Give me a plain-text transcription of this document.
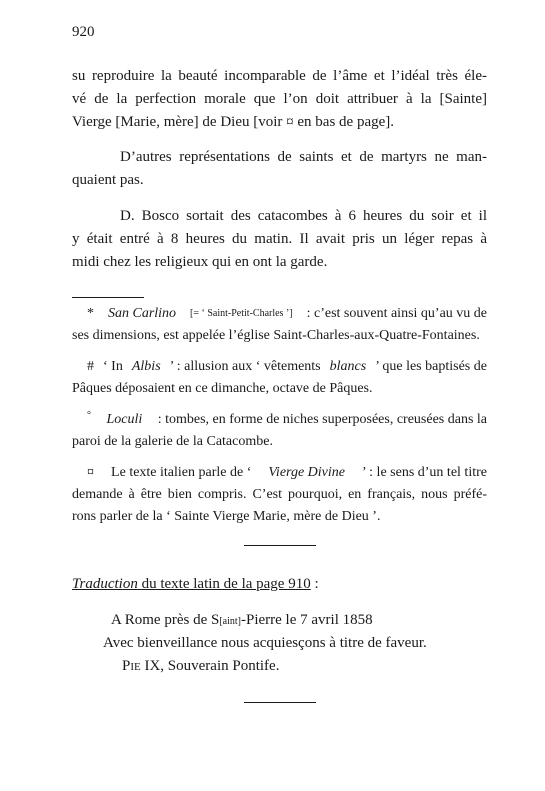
920
su reproduire la beauté incomparable de l’âme et l’idéal très éle-
vé de la perfection morale que l’on doit attribuer à la [Sainte]
Vierge [Marie, mère] de Dieu [voir ¤ en bas de page].
D’autres représentations de saints et de martyrs ne man-
quaient pas.
D. Bosco sortait des catacombes à 6 heures du soir et il
y était entré à 8 heures du matin. Il avait pris un léger repas à
midi chez les religieux qui en ont la garde.
* San Carlino [= ‘ Saint-Petit-Charles ’] : c’est souvent ainsi qu’au vu de
ses dimensions, est appelée l’église Saint-Charles-aux-Quatre-Fontaines.
# ‘ In Albis ’ : allusion aux ‘ vêtements blancs ’ que les baptisés de
Pâques déposaient en ce dimanche, octave de Pâques.
° Loculi : tombes, en forme de niches superposées, creusées dans la
paroi de la galerie de la Catacombe.
¤ Le texte italien parle de ‘ Vierge Divine ’ : le sens d’un tel titre
demande à être bien compris. C’est pourquoi, en français, nous préfé-
rons parler de la ‘ Sainte Vierge Marie, mère de Dieu ’.
Traduction du texte latin de la page 910 :
A Rome près de S[aint]-Pierre le 7 avril 1858
Avec bienveillance nous acquiesçons à titre de faveur.
Pie IX, Souverain Pontife.
